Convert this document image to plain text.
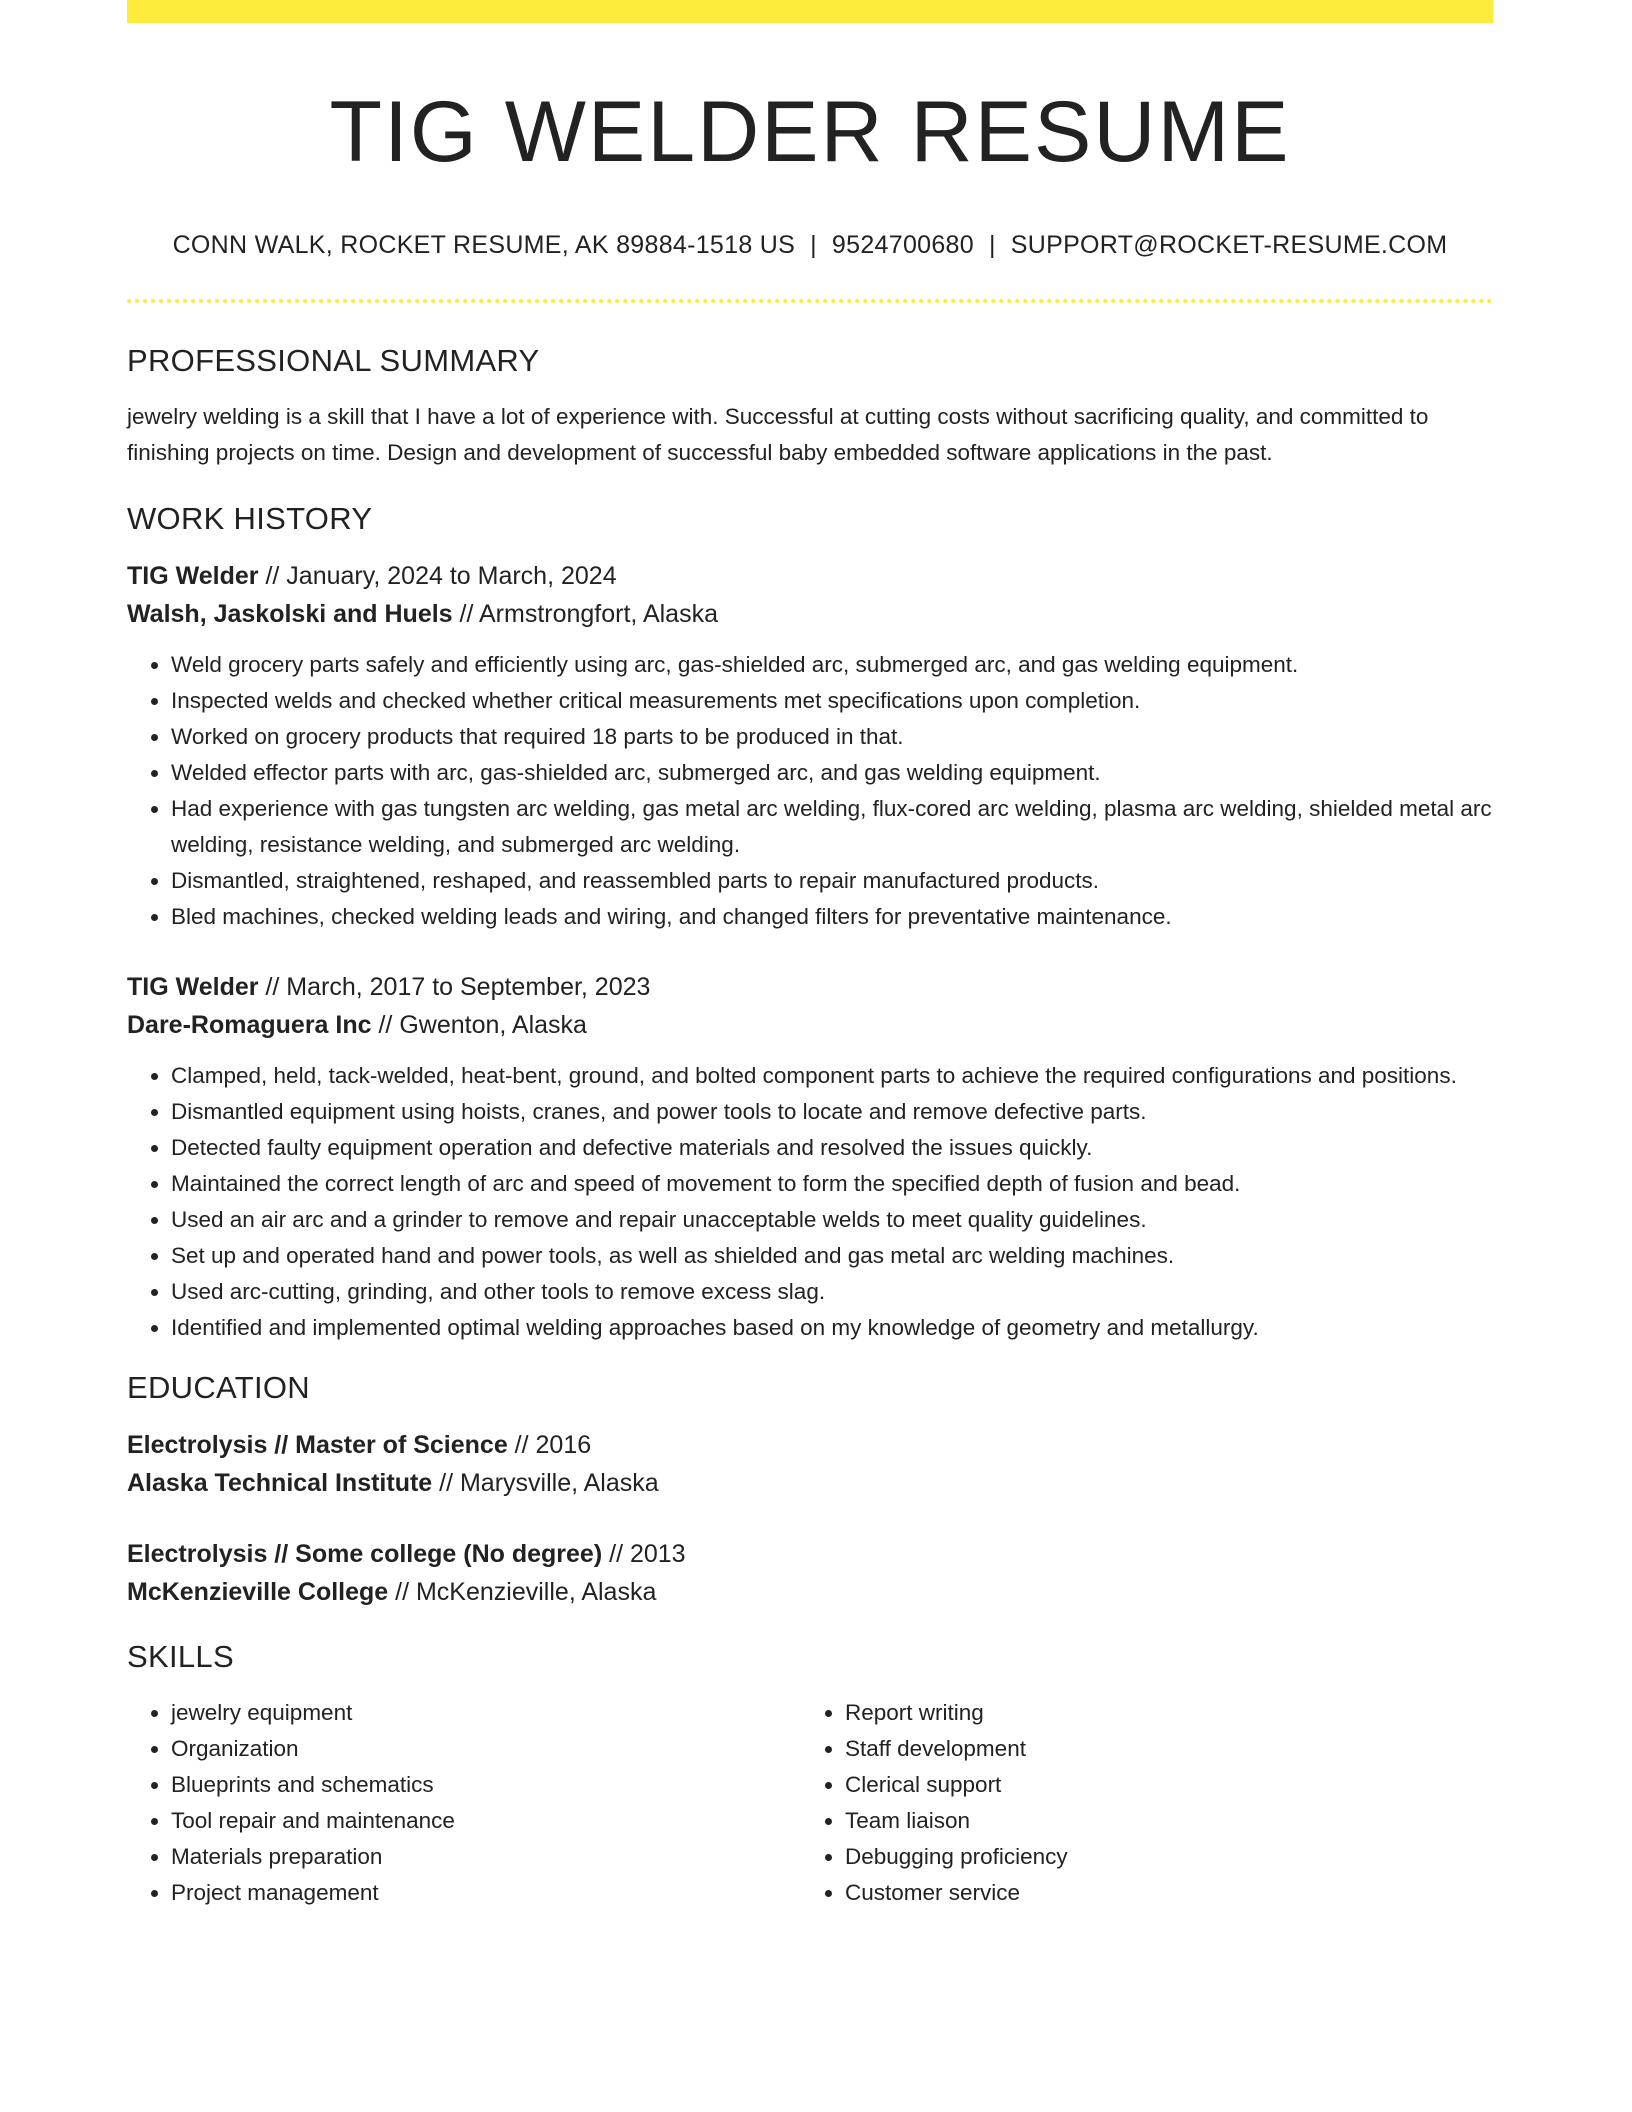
TIG WELDER RESUME
CONN WALK, ROCKET RESUME, AK 89884-1518 US | 9524700680 | SUPPORT@ROCKET-RESUME.COM
PROFESSIONAL SUMMARY

jewelry welding is a skill that I have a lot of experience with. Successful at cutting costs without sacrificing quality, and committed to finishing projects on time. Design and development of successful baby embedded software applications in the past.

WORK HISTORY
TIG Welder // January, 2024 to March, 2024
Walsh, Jaskolski and Huels // Armstrongfort, Alaska
• Weld grocery parts safely and efficiently using arc, gas-shielded arc, submerged arc, and gas welding equipment.
• Inspected welds and checked whether critical measurements met specifications upon completion.
• Worked on grocery products that required 18 parts to be produced in that.
• Welded effector parts with arc, gas-shielded arc, submerged arc, and gas welding equipment.
• Had experience with gas tungsten arc welding, gas metal arc welding, flux-cored arc welding, plasma arc welding, shielded metal arc welding, resistance welding, and submerged arc welding.
• Dismantled, straightened, reshaped, and reassembled parts to repair manufactured products.
• Bled machines, checked welding leads and wiring, and changed filters for preventative maintenance.
TIG Welder // March, 2017 to September, 2023
Dare-Romaguera Inc // Gwenton, Alaska
• Clamped, held, tack-welded, heat-bent, ground, and bolted component parts to achieve the required configurations and positions.
• Dismantled equipment using hoists, cranes, and power tools to locate and remove defective parts.
• Detected faulty equipment operation and defective materials and resolved the issues quickly.
• Maintained the correct length of arc and speed of movement to form the specified depth of fusion and bead.
• Used an air arc and a grinder to remove and repair unacceptable welds to meet quality guidelines.
• Set up and operated hand and power tools, as well as shielded and gas metal arc welding machines.
• Used arc-cutting, grinding, and other tools to remove excess slag.
• Identified and implemented optimal welding approaches based on my knowledge of geometry and metallurgy.
EDUCATION
Electrolysis // Master of Science // 2016
Alaska Technical Institute // Marysville, Alaska
Electrolysis // Some college (No degree) // 2013
McKenzieville College // McKenzieville, Alaska
SKILLS
• jewelry equipment
• Organization
• Blueprints and schematics
• Tool repair and maintenance
• Materials preparation
• Project management
• Report writing
• Staff development
• Clerical support
• Team liaison
• Debugging proficiency
• Customer service
